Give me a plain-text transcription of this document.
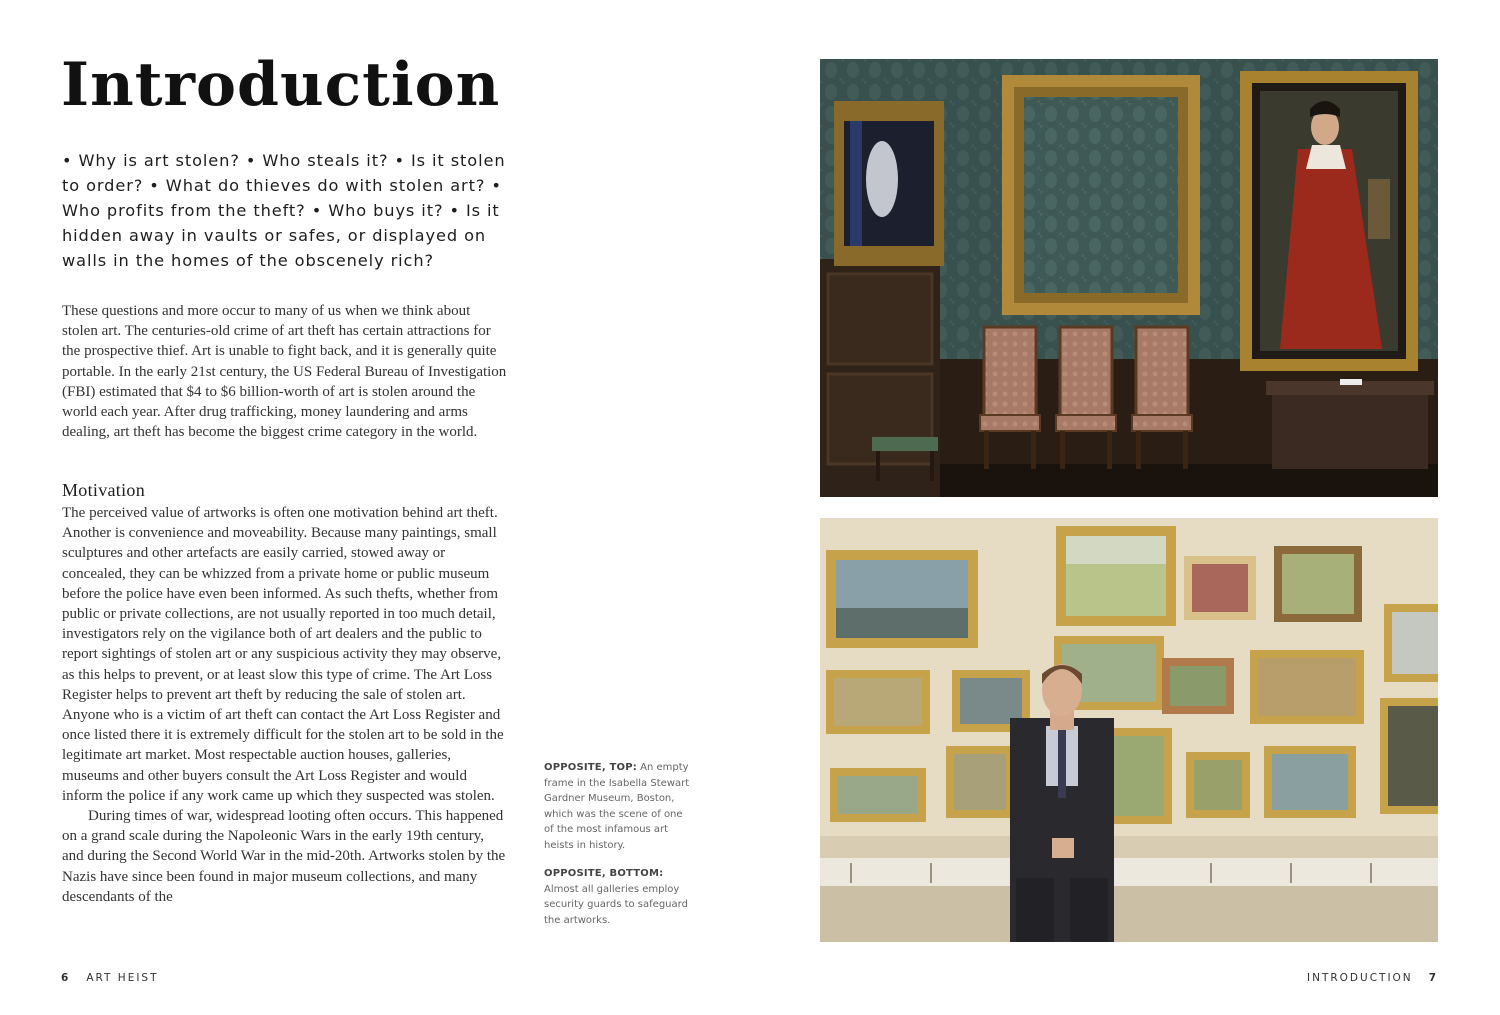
Introduction

• Why is art stolen? • Who steals it? • Is it stolen to order? • What do thieves do with stolen art? • Who profits from the theft? • Who buys it? • Is it hidden away in vaults or safes, or displayed on walls in the homes of the obscenely rich?

These questions and more occur to many of us when we think about stolen art. The centuries-old crime of art theft has certain attractions for the prospective thief. Art is unable to fight back, and it is generally quite portable. In the early 21st century, the US Federal Bureau of Investigation (FBI) estimated that $4 to $6 billion-worth of art is stolen around the world each year. After drug trafficking, money laundering and arms dealing, art theft has become the biggest crime category in the world.

Motivation
The perceived value of artworks is often one motivation behind art theft. Another is convenience and moveability. Because many paintings, small sculptures and other artefacts are easily carried, stowed away or concealed, they can be whizzed from a private home or public museum before the police have even been informed. As such thefts, whether from public or private collections, are not usually reported in too much detail, investigators rely on the vigilance both of art dealers and the public to report sightings of stolen art or any suspicious activity they may observe, as this helps to prevent, or at least slow this type of crime. The Art Loss Register helps to prevent art theft by reducing the sale of stolen art. Anyone who is a victim of art theft can contact the Art Loss Register and once listed there it is extremely difficult for the stolen art to be sold in the legitimate art market. Most respectable auction houses, galleries, museums and other buyers consult the Art Loss Register and would inform the police if any work came up which they suspected was stolen.
During times of war, widespread looting often occurs. This happened on a grand scale during the Napoleonic Wars in the early 19th century, and during the Second World War in the mid-20th. Artworks stolen by the Nazis have since been found in major museum collections, and many descendants of the

OPPOSITE, TOP: An empty frame in the Isabella Stewart Gardner Museum, Boston, which was the scene of one of the most infamous art heists in history.

OPPOSITE, BOTTOM: Almost all galleries employ security guards to safeguard the artworks.

6 ART HEIST	INTRODUCTION 7
